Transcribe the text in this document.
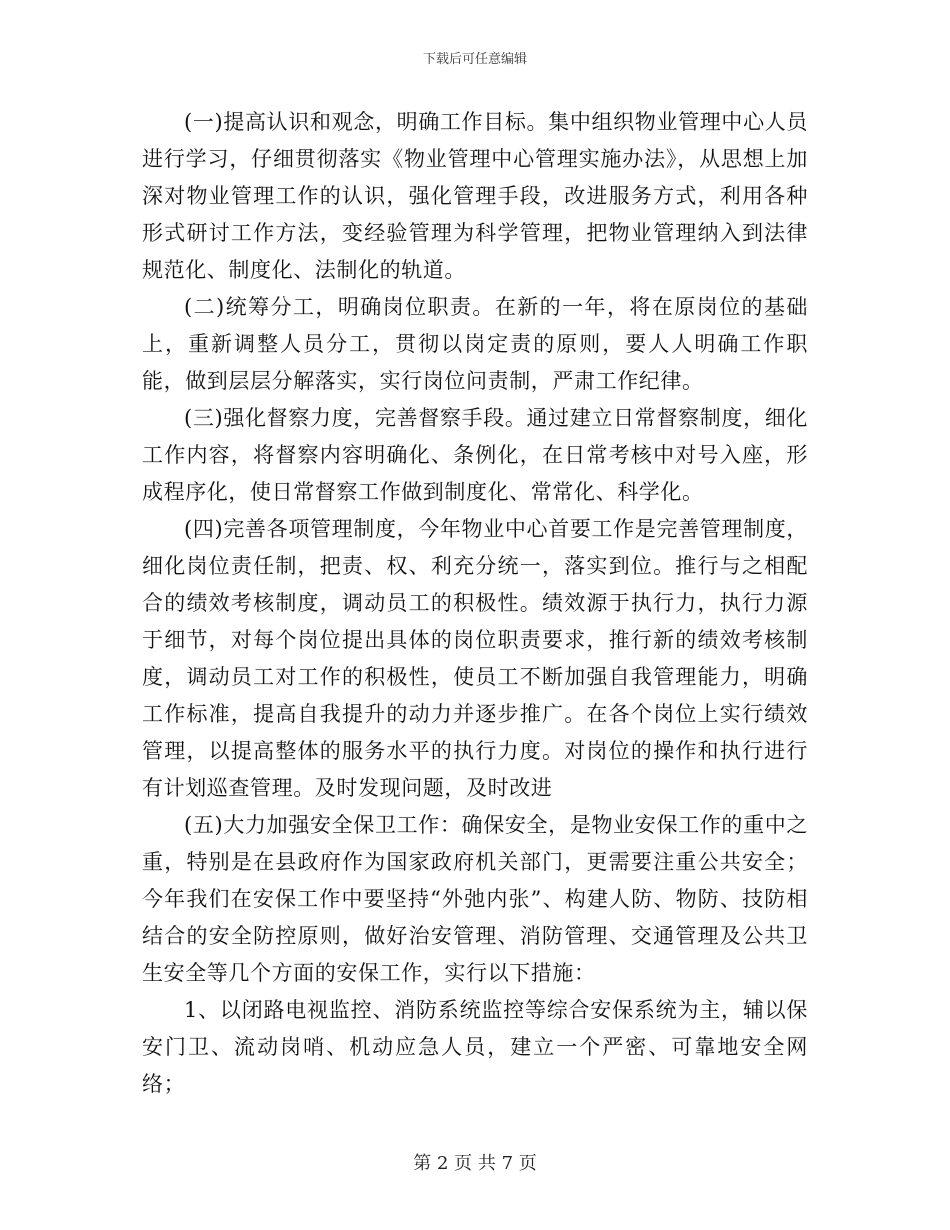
下载后可任意编辑

(一)提高认识和观念，明确工作目标。集中组织物业管理中心人员进行学习，仔细贯彻落实《物业管理中心管理实施办法》，从思想上加深对物业管理工作的认识，强化管理手段，改进服务方式，利用各种形式研讨工作方法，变经验管理为科学管理，把物业管理纳入到法律规范化、制度化、法制化的轨道。

(二)统筹分工，明确岗位职责。在新的一年，将在原岗位的基础上，重新调整人员分工，贯彻以岗定责的原则，要人人明确工作职能，做到层层分解落实，实行岗位问责制，严肃工作纪律。

(三)强化督察力度，完善督察手段。通过建立日常督察制度，细化工作内容，将督察内容明确化、条例化，在日常考核中对号入座，形成程序化，使日常督察工作做到制度化、常常化、科学化。

(四)完善各项管理制度，今年物业中心首要工作是完善管理制度，细化岗位责任制，把责、权、利充分统一，落实到位。推行与之相配合的绩效考核制度，调动员工的积极性。绩效源于执行力，执行力源于细节，对每个岗位提出具体的岗位职责要求，推行新的绩效考核制度，调动员工对工作的积极性，使员工不断加强自我管理能力，明确工作标准，提高自我提升的动力并逐步推广。在各个岗位上实行绩效管理，以提高整体的服务水平的执行力度。对岗位的操作和执行进行有计划巡查管理。及时发现问题，及时改进

(五)大力加强安全保卫工作：确保安全，是物业安保工作的重中之重，特别是在县政府作为国家政府机关部门，更需要注重公共安全；今年我们在安保工作中要坚持“外弛内张”、构建人防、物防、技防相结合的安全防控原则，做好治安管理、消防管理、交通管理及公共卫生安全等几个方面的安保工作，实行以下措施：

1、以闭路电视监控、消防系统监控等综合安保系统为主，辅以保安门卫、流动岗哨、机动应急人员，建立一个严密、可靠地安全网络；

第 2 页 共 7 页
